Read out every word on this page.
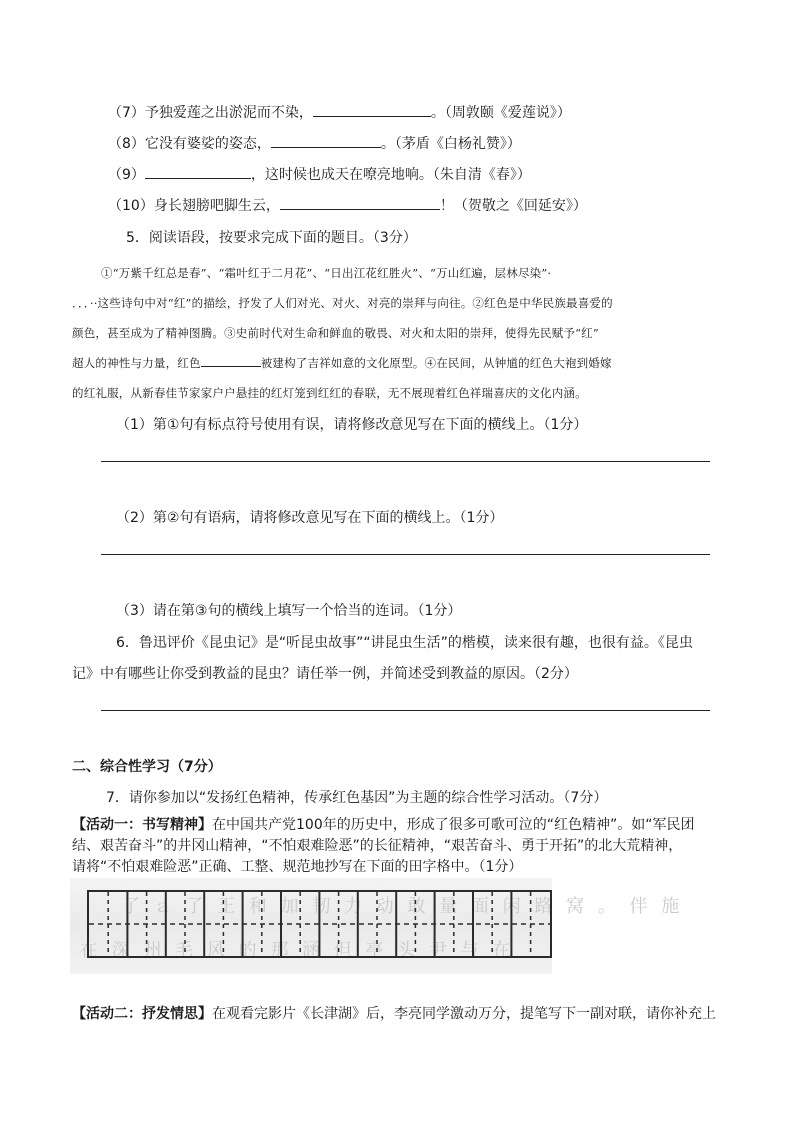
（7）予独爱莲之出淤泥而不染，	。（周敦颐《爱莲说》）
（8）它没有婆娑的姿态，	。（茅盾《白杨礼赞》）
（9）	，这时候也成天在嘹亮地响。（朱自清《春》）
（10）身长翅膀吧脚生云，	！（贺敬之《回延安》）
5．阅读语段，按要求完成下面的题目。（3分）
①“万紫千红总是春”、“霜叶红于二月花”、“日出江花红胜火”、“万山红遍，层林尽染”·
．．．··这些诗句中对“红”的描绘，抒发了人们对光、对火、对亮的崇拜与向往。②红色是中华民族最喜爱的
颜色，甚至成为了精神图腾。③史前时代对生命和鲜血的敬畏、对火和太阳的崇拜，使得先民赋予“红”
超人的神性与力量，红色	被建构了吉祥如意的文化原型。④在民间，从钟馗的红色大袍到婚嫁
的红礼服，从新春佳节家家户户悬挂的红灯笼到红红的春联，无不展现着红色祥瑞喜庆的文化内涵。
（1）第①句有标点符号使用有误，请将修改意见写在下面的横线上。（1分）
（2）第②句有语病，请将修改意见写在下面的横线上。（1分）
（3）请在第③句的横线上填写一个恰当的连词。（1分）
6．鲁迅评价《昆虫记》是“听昆虫故事”“讲昆虫生活”的楷模，读来很有趣，也很有益。《昆虫
记》中有哪些让你受到教益的昆虫？请任举一例，并简述受到教益的原因。（2分）
二、综合性学习（7分）
7．请你参加以“发扬红色精神，传承红色基因”为主题的综合性学习活动。（7分）
【活动一：书写精神】在中国共产党100年的历史中，形成了很多可歌可泣的“红色精神”。如“军民团
结、艰苦奋斗”的井冈山精神，“不怕艰难险恶”的长征精神，“艰苦奋斗、勇于开拓”的北大荒精神，
请将“不怕艰难险恶”正确、工整、规范地抄写在下面的田字格中。（1分）
了 ａ 了 王 和 加 韧 力 动 敢 量 面 闲 路 窝 。 伴 施
在 深 州 毛 风 的 那 涵 但 亭 头 尹 与 在
【活动二：抒发情思】在观看完影片《长津湖》后，李亮同学激动万分，提笔写下一副对联，请你补充上
